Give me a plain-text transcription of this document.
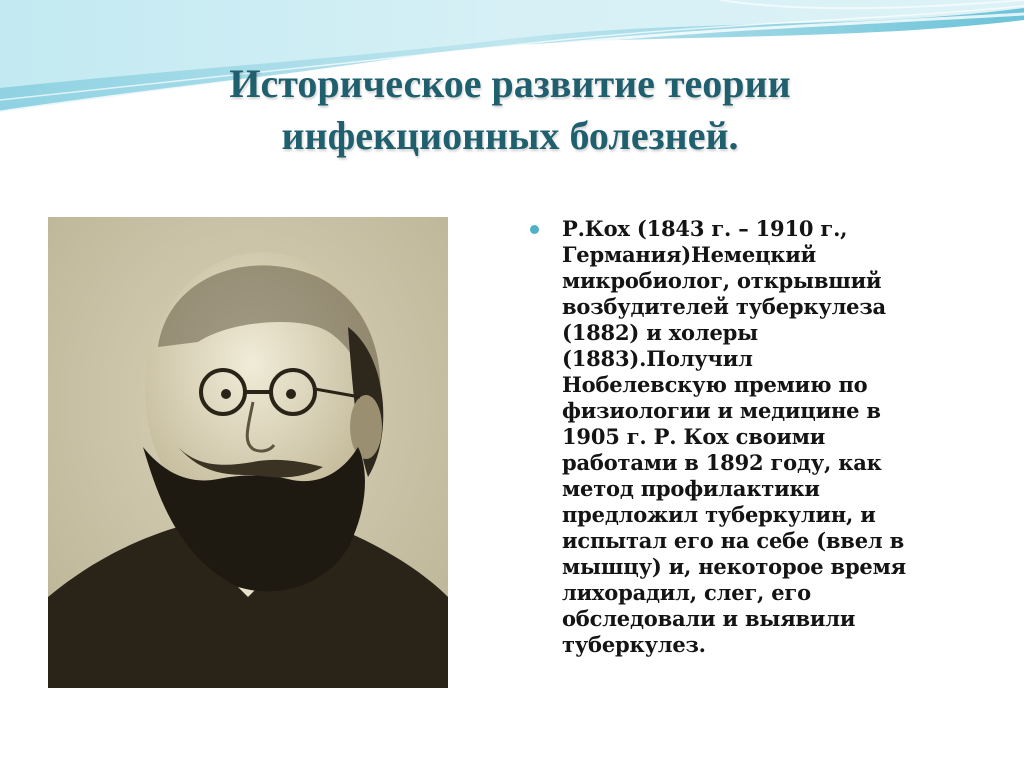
Историческое развитие теории
инфекционных болезней.

Р.Кох (1843 г. – 1910 г.,
Германия)Немецкий
микробиолог, открывший
возбудителей туберкулеза
(1882) и холеры
(1883).Получил
Нобелевскую премию по
физиологии и медицине в
1905 г. Р. Кох своими
работами в 1892 году, как
метод профилактики
предложил туберкулин, и
испытал его на себе (ввел в
мышцу) и, некоторое время
лихорадил, слег, его
обследовали и выявили
туберкулез.
